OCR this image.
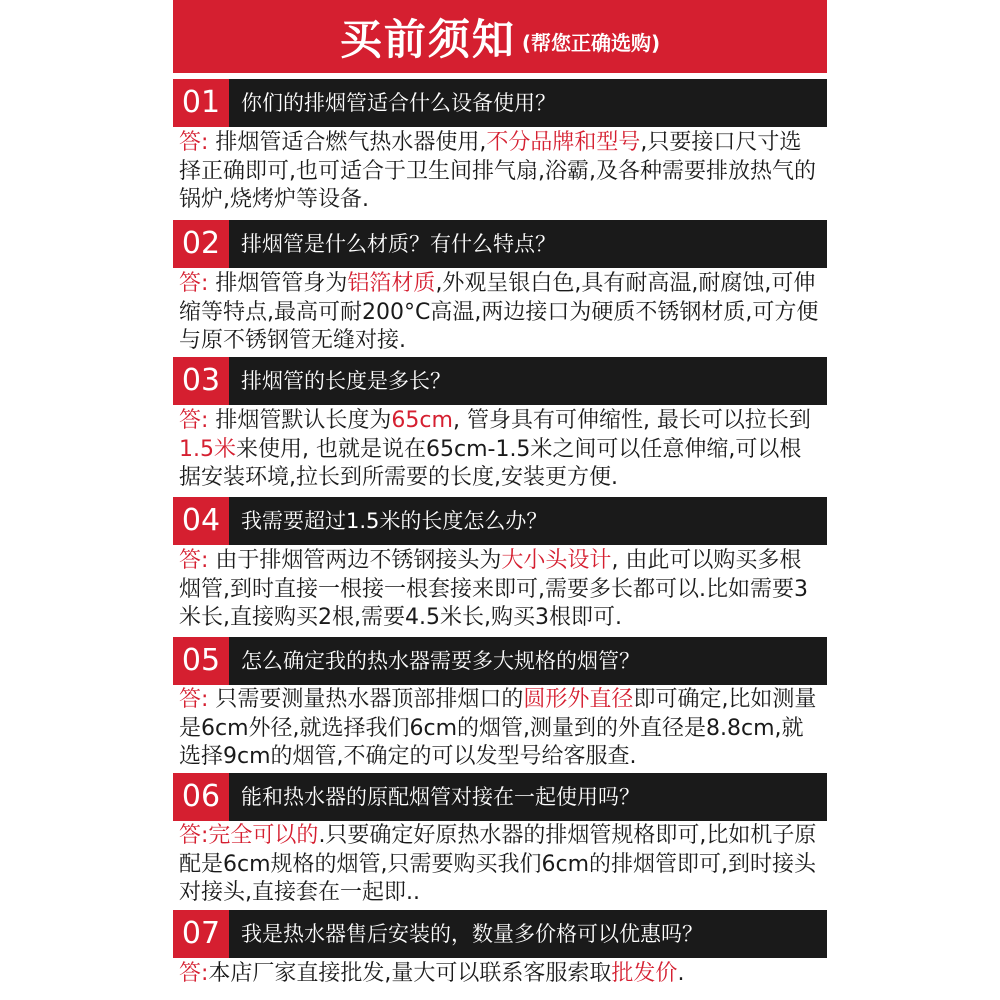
买前须知 (帮您正确选购)
01 你们的排烟管适合什么设备使用？
答: 排烟管适合燃气热水器使用,不分品牌和型号,只要接口尺寸选择正确即可,也可适合于卫生间排气扇,浴霸,及各种需要排放热气的锅炉,烧烤炉等设备.
02 排烟管是什么材质？有什么特点？
答: 排烟管管身为铝箔材质,外观呈银白色,具有耐高温,耐腐蚀,可伸缩等特点,最高可耐200°C高温,两边接口为硬质不锈钢材质,可方便与原不锈钢管无缝对接.
03 排烟管的长度是多长？
答: 排烟管默认长度为65cm, 管身具有可伸缩性, 最长可以拉长到1.5米来使用, 也就是说在65cm-1.5米之间可以任意伸缩,可以根据安装环境,拉长到所需要的长度,安装更方便.
04 我需要超过1.5米的长度怎么办？
答: 由于排烟管两边不锈钢接头为大小头设计, 由此可以购买多根烟管,到时直接一根接一根套接来即可,需要多长都可以.比如需要3米长,直接购买2根,需要4.5米长,购买3根即可.
05 怎么确定我的热水器需要多大规格的烟管？
答: 只需要测量热水器顶部排烟口的圆形外直径即可确定,比如测量是6cm外径,就选择我们6cm的烟管,测量到的外直径是8.8cm,就选择9cm的烟管,不确定的可以发型号给客服查.
06 能和热水器的原配烟管对接在一起使用吗？
答:完全可以的.只要确定好原热水器的排烟管规格即可,比如机子原配是6cm规格的烟管,只需要购买我们6cm的排烟管即可,到时接头对接头,直接套在一起即..
07 我是热水器售后安装的，数量多价格可以优惠吗？
答:本店厂家直接批发,量大可以联系客服索取批发价.
